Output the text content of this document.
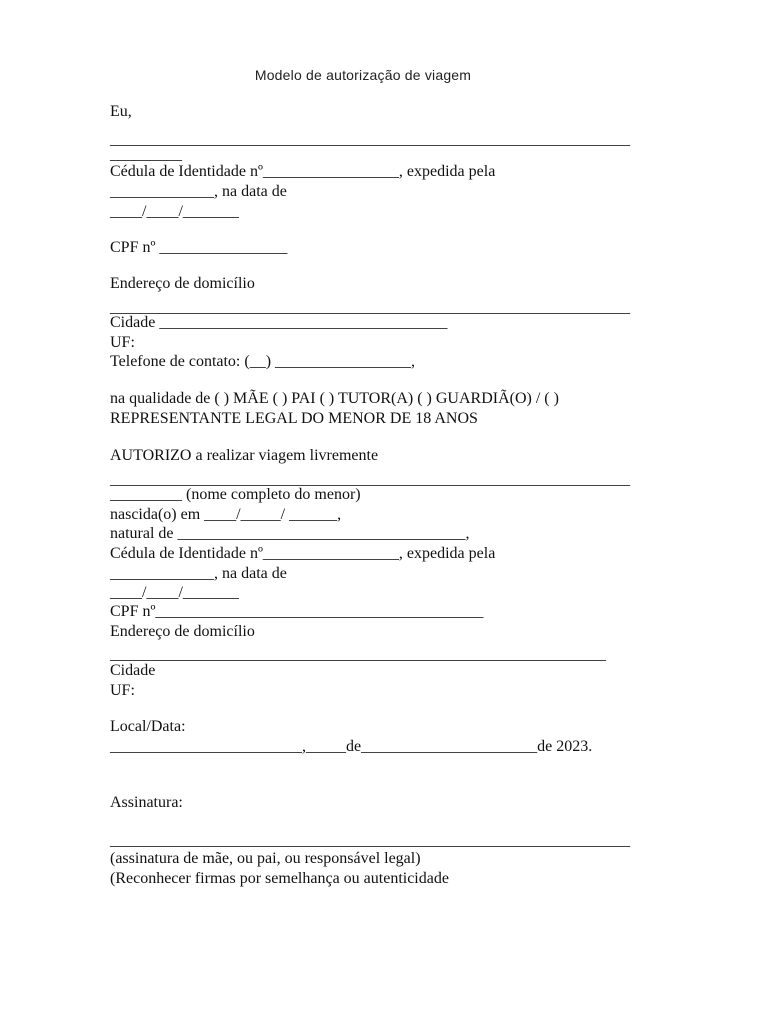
Modelo de autorização de viagem
Eu,
_________________________________________________________________
_________
Cédula de Identidade nº_________________, expedida pela
_____________, na data de
____/____/_______
CPF nº ________________
Endereço de domicílio
_________________________________________________________________
Cidade ____________________________________
UF:
Telefone de contato: (__) _________________,
na qualidade de ( ) MÃE ( ) PAI ( ) TUTOR(A) ( ) GUARDIÃ(O) / ( )
REPRESENTANTE LEGAL DO MENOR DE 18 ANOS
AUTORIZO a realizar viagem livremente
_________________________________________________________________
_________ (nome completo do menor)
nascida(o) em ____/_____/ ______,
natural de ____________________________________,
Cédula de Identidade nº_________________, expedida pela
_____________, na data de
____/____/_______
CPF nº_________________________________________
Endereço de domicílio
______________________________________________________________
Cidade
UF:
Local/Data:
________________________,_____de______________________de 2023.
Assinatura:
_________________________________________________________________
(assinatura de mãe, ou pai, ou responsável legal)
(Reconhecer firmas por semelhança ou autenticidade
